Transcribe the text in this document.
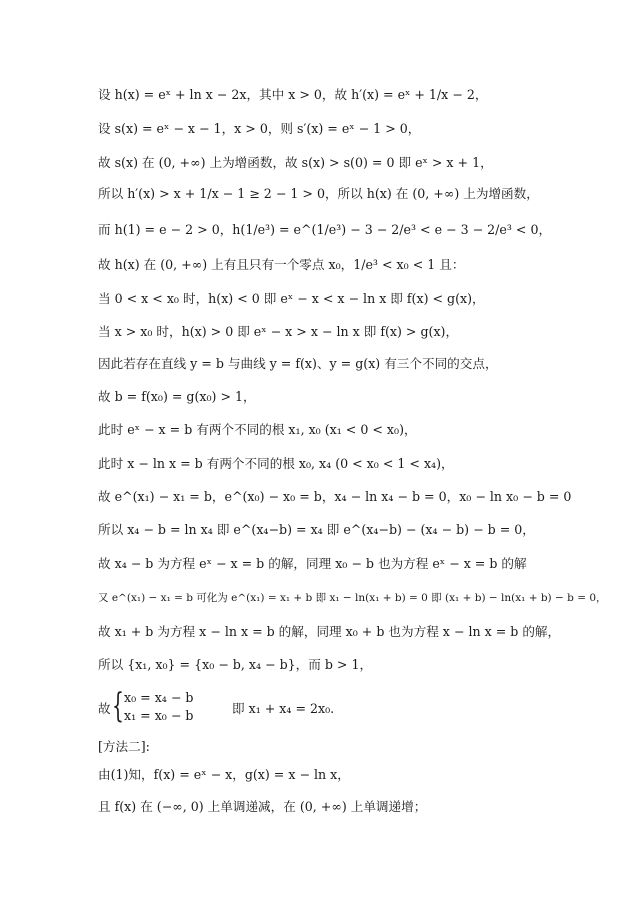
设 h(x) = eˣ + ln x − 2x，其中 x > 0，故 h′(x) = eˣ + 1/x − 2，
设 s(x) = eˣ − x − 1，x > 0，则 s′(x) = eˣ − 1 > 0，
故 s(x) 在 (0, +∞) 上为增函数，故 s(x) > s(0) = 0 即 eˣ > x + 1，
所以 h′(x) > x + 1/x − 1 ≥ 2 − 1 > 0，所以 h(x) 在 (0, +∞) 上为增函数，
而 h(1) = e − 2 > 0，h(1/e³) = e^(1/e³) − 3 − 2/e³ < e − 3 − 2/e³ < 0，
故 h(x) 在 (0, +∞) 上有且只有一个零点 x₀，1/e³ < x₀ < 1 且：
当 0 < x < x₀ 时，h(x) < 0 即 eˣ − x < x − ln x 即 f(x) < g(x)，
当 x > x₀ 时，h(x) > 0 即 eˣ − x > x − ln x 即 f(x) > g(x)，
因此若存在直线 y = b 与曲线 y = f(x)、y = g(x) 有三个不同的交点，
故 b = f(x₀) = g(x₀) > 1，
此时 eˣ − x = b 有两个不同的根 x₁, x₀ (x₁ < 0 < x₀)，
此时 x − ln x = b 有两个不同的根 x₀, x₄ (0 < x₀ < 1 < x₄)，
故 e^(x₁) − x₁ = b，e^(x₀) − x₀ = b，x₄ − ln x₄ − b = 0，x₀ − ln x₀ − b = 0
所以 x₄ − b = ln x₄ 即 e^(x₄−b) = x₄ 即 e^(x₄−b) − (x₄ − b) − b = 0，
故 x₄ − b 为方程 eˣ − x = b 的解，同理 x₀ − b 也为方程 eˣ − x = b 的解
又 e^(x₁) − x₁ = b 可化为 e^(x₁) = x₁ + b 即 x₁ − ln(x₁ + b) = 0 即 (x₁ + b) − ln(x₁ + b) − b = 0，
故 x₁ + b 为方程 x − ln x = b 的解，同理 x₀ + b 也为方程 x − ln x = b 的解，
所以 {x₁, x₀} = {x₀ − b, x₄ − b}，而 b > 1，
故 { x₀ = x₄ − b
x₁ = x₀ − b	即 x₁ + x₄ = 2x₀.
[方法二]:
由(1)知，f(x) = eˣ − x，g(x) = x − ln x，
且 f(x) 在 (−∞, 0) 上单调递减，在 (0, +∞) 上单调递增；
